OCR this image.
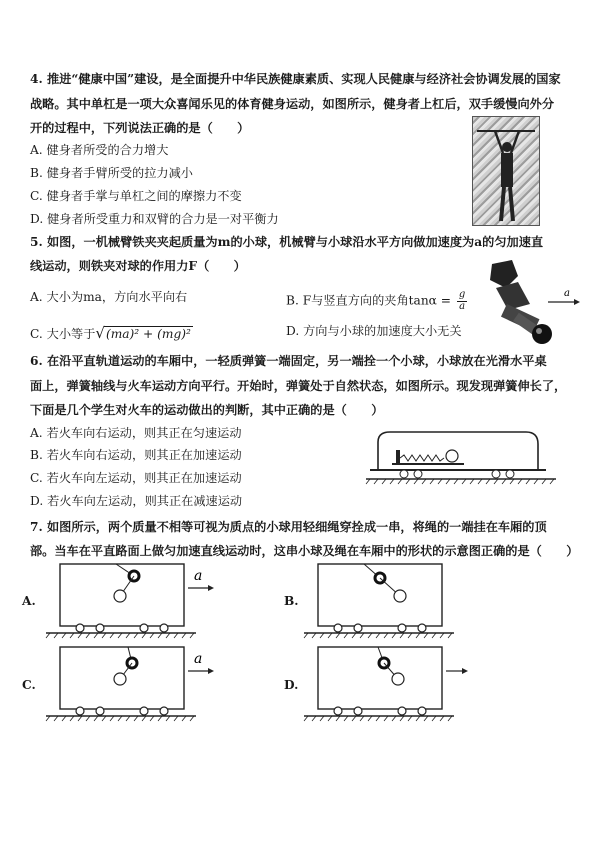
4. 推进“健康中国”建设，是全面提升中华民族健康素质、实现人民健康与经济社会协调发展的国家
战略。其中单杠是一项大众喜闻乐见的体育健身运动，如图所示，健身者上杠后，双手缓慢向外分
开的过程中，下列说法正确的是（　　）
A. 健身者所受的合力增大
B. 健身者手臂所受的拉力减小
C. 健身者手掌与单杠之间的摩擦力不变
D. 健身者所受重力和双臂的合力是一对平衡力
5. 如图，一机械臂铁夹夹起质量为m的小球，机械臂与小球沿水平方向做加速度为a的匀加速直
线运动，则铁夹对球的作用力F（　　）
A. 大小为ma，方向水平向右	B. F与竖直方向的夹角$\tan\alpha = \frac{g}{a}$
C. 大小等于√(ma)² + (mg)²	D. 方向与小球的加速度大小无关
a
6. 在沿平直轨道运动的车厢中，一轻质弹簧一端固定，另一端拴一个小球，小球放在光滑水平桌
面上，弹簧轴线与火车运动方向平行。开始时，弹簧处于自然状态，如图所示。现发现弹簧伸长了，
下面是几个学生对火车的运动做出的判断，其中正确的是（　　）
A. 若火车向右运动，则其正在匀速运动
B. 若火车向右运动，则其正在加速运动
C. 若火车向左运动，则其正在加速运动
D. 若火车向左运动，则其正在减速运动
7. 如图所示，两个质量不相等可视为质点的小球用轻细绳穿拴成一串，将绳的一端挂在车厢的顶
部。当车在平直路面上做匀加速直线运动时，这串小球及绳在车厢中的形状的示意图正确的是（　　）
A.	B.
C.	D.
a
a
